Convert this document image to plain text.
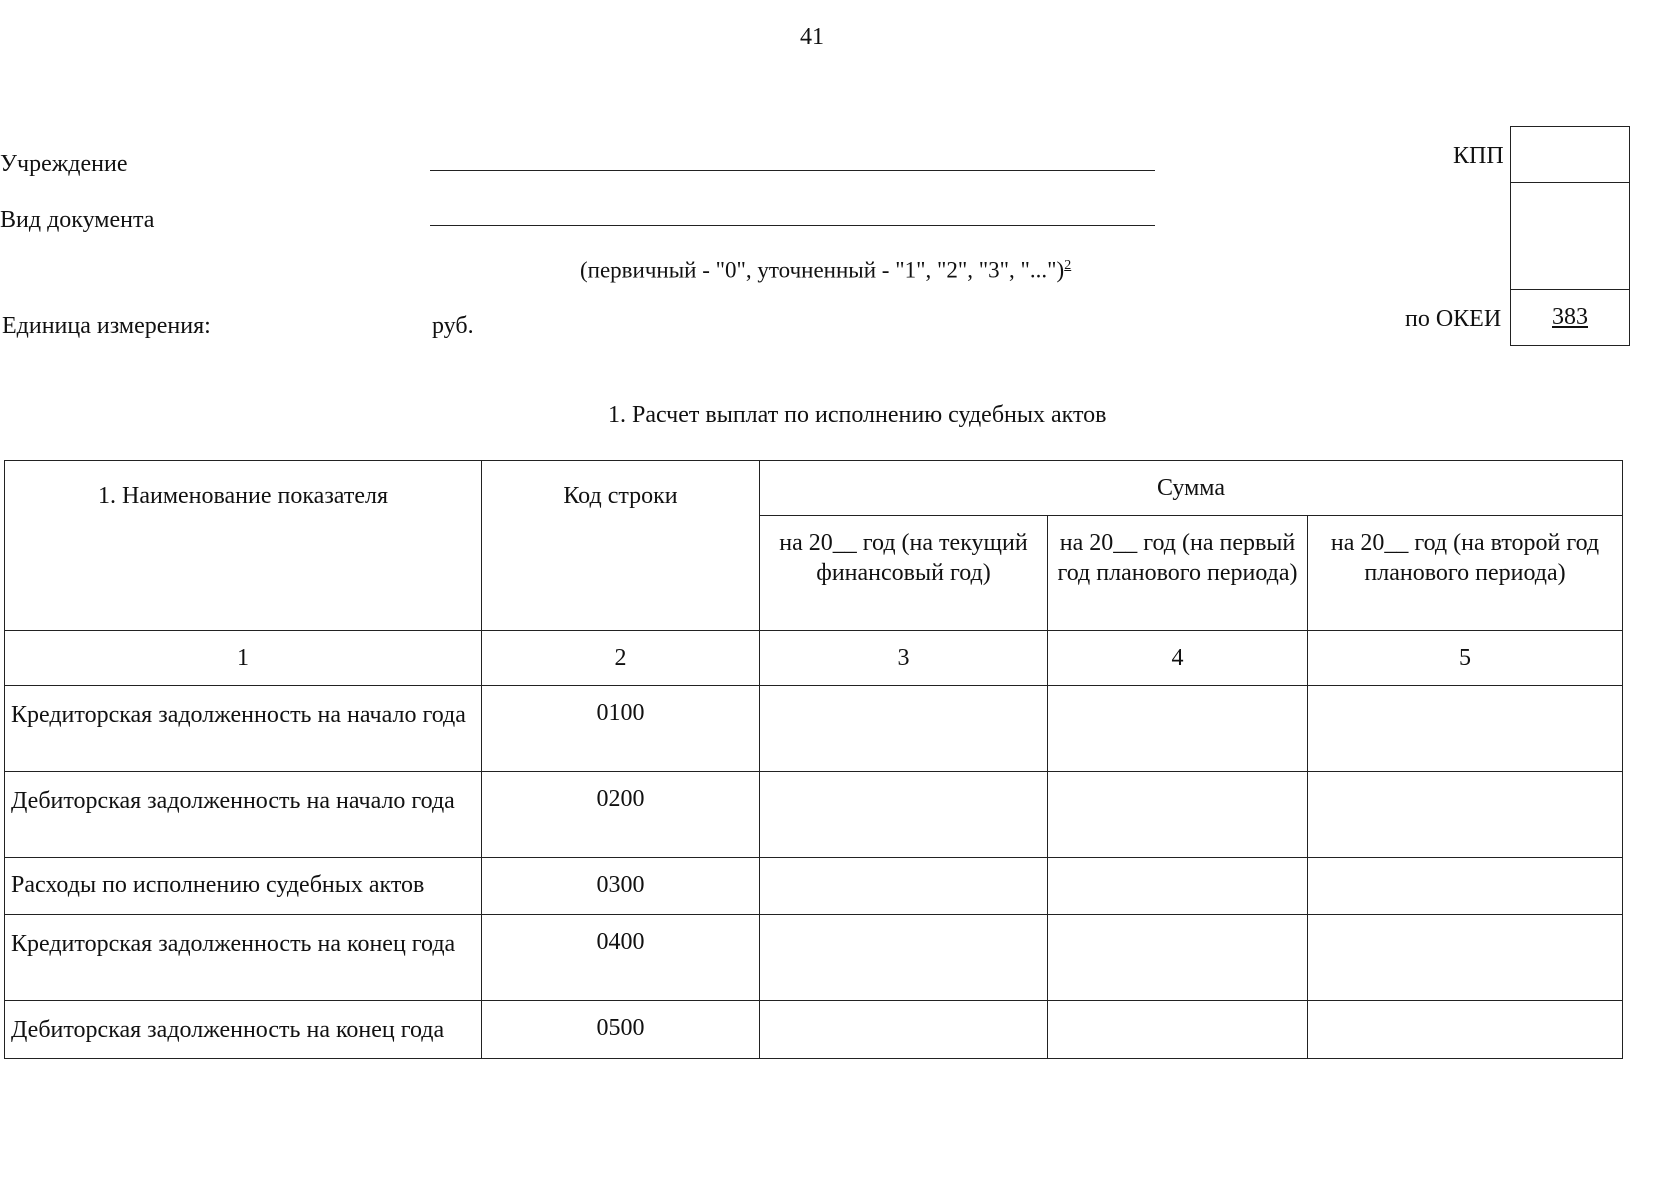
41
Учреждение
Вид документа
(первичный - "0", уточненный - "1", "2", "3", "...")$^2$
Единица измерения:	руб.
КПП
383
по ОКЕИ
1. Расчет выплат по исполнению судебных актов
1. Наименование показателя	Код строки	Сумма		
		на 20__ год (на текущий финансовый год)	на 20__ год (на первый год планового периода)	на 20__ год (на второй год планового периода)
1	2	3	4	5
Кредиторская задолженность на начало года	0100			
Дебиторская задолженность на начало года	0200			
Расходы по исполнению судебных актов	0300			
Кредиторская задолженность на конец года	0400			
Дебиторская задолженность на конец года	0500			
